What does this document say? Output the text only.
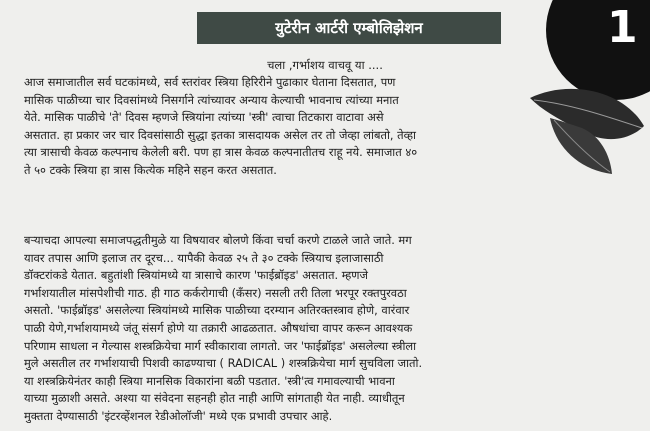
1
युटेरीन आर्टरी एम्बोलिझेशन
चला ,गर्भाशय वाचवू या ....

आज समाजातील सर्व घटकांमध्ये, सर्व स्तरांवर स्त्रिया हिरिरीने पुढाकार घेताना दिसतात, पण
मासिक पाळीच्या चार दिवसांमध्ये निसर्गाने त्यांच्यावर अन्याय केल्याची भावनाच त्यांच्या मनात
येते. मासिक पाळीचे 'ते' दिवस म्हणजे स्त्रियांना त्यांच्या 'स्त्री' त्वाचा तिटकारा वाटावा असे
असतात. हा प्रकार जर चार दिवसांसाठी सुद्धा इतका त्रासदायक असेल तर तो जेव्हा लांबतो, तेव्हा
त्या त्रासाची केवळ कल्पनाच केलेली बरी. पण हा त्रास केवळ कल्पनातीतच राहू नये. समाजात ४०
ते ५० टक्के स्त्रिया हा त्रास कित्येक महिने सहन करत असतात.

बऱ्याचदा आपल्या समाजपद्धतीमुळे या विषयावर बोलणे किंवा चर्चा करणे टाळले जाते जाते. मग
यावर तपास आणि इलाज तर दूरच... यापैकी केवळ २५ ते ३० टक्के स्त्रियाच इलाजासाठी
डॉक्टरांकडे येतात. बहुतांशी स्त्रियांमध्ये या त्रासाचे कारण 'फाईब्रॉइड' असतात. म्हणजे
गर्भाशयातील मांसपेशीची गाठ. ही गाठ कर्करोगाची (कॅंसर) नसली तरी तिला भरपूर रक्तपुरवठा
असतो. 'फाईब्रॉइड' असलेल्या स्त्रियांमध्ये मासिक पाळीच्या दरम्यान अतिरक्तस्त्राव होणे, वारंवार
पाळी येणे,गर्भाशयामध्ये जंतू संसर्ग होणे या तक्रारी आढळतात. औषधांचा वापर करून आवश्यक
परिणाम साधला न गेल्यास शस्त्रक्रियेचा मार्ग स्वीकारावा लागतो. जर 'फाईब्रॉइड' असलेल्या स्त्रीला
मुले असतील तर गर्भाशयाची पिशवी काढण्याचा ( RADICAL ) शस्त्रक्रियेचा मार्ग सुचविला जातो.
या शस्त्रक्रियेनंतर काही स्त्रिया मानसिक विकारांना बळी पडतात. 'स्त्री'त्व गमावल्याची भावना
याच्या मुळाशी असते. अश्या या संवेदना सहनही होत नाही आणि सांगताही येत नाही. व्याधीतून
मुक्तता देण्यासाठी 'इंटरव्हेंशनल रेडीओलॉजी' मध्ये एक प्रभावी उपचार आहे.
